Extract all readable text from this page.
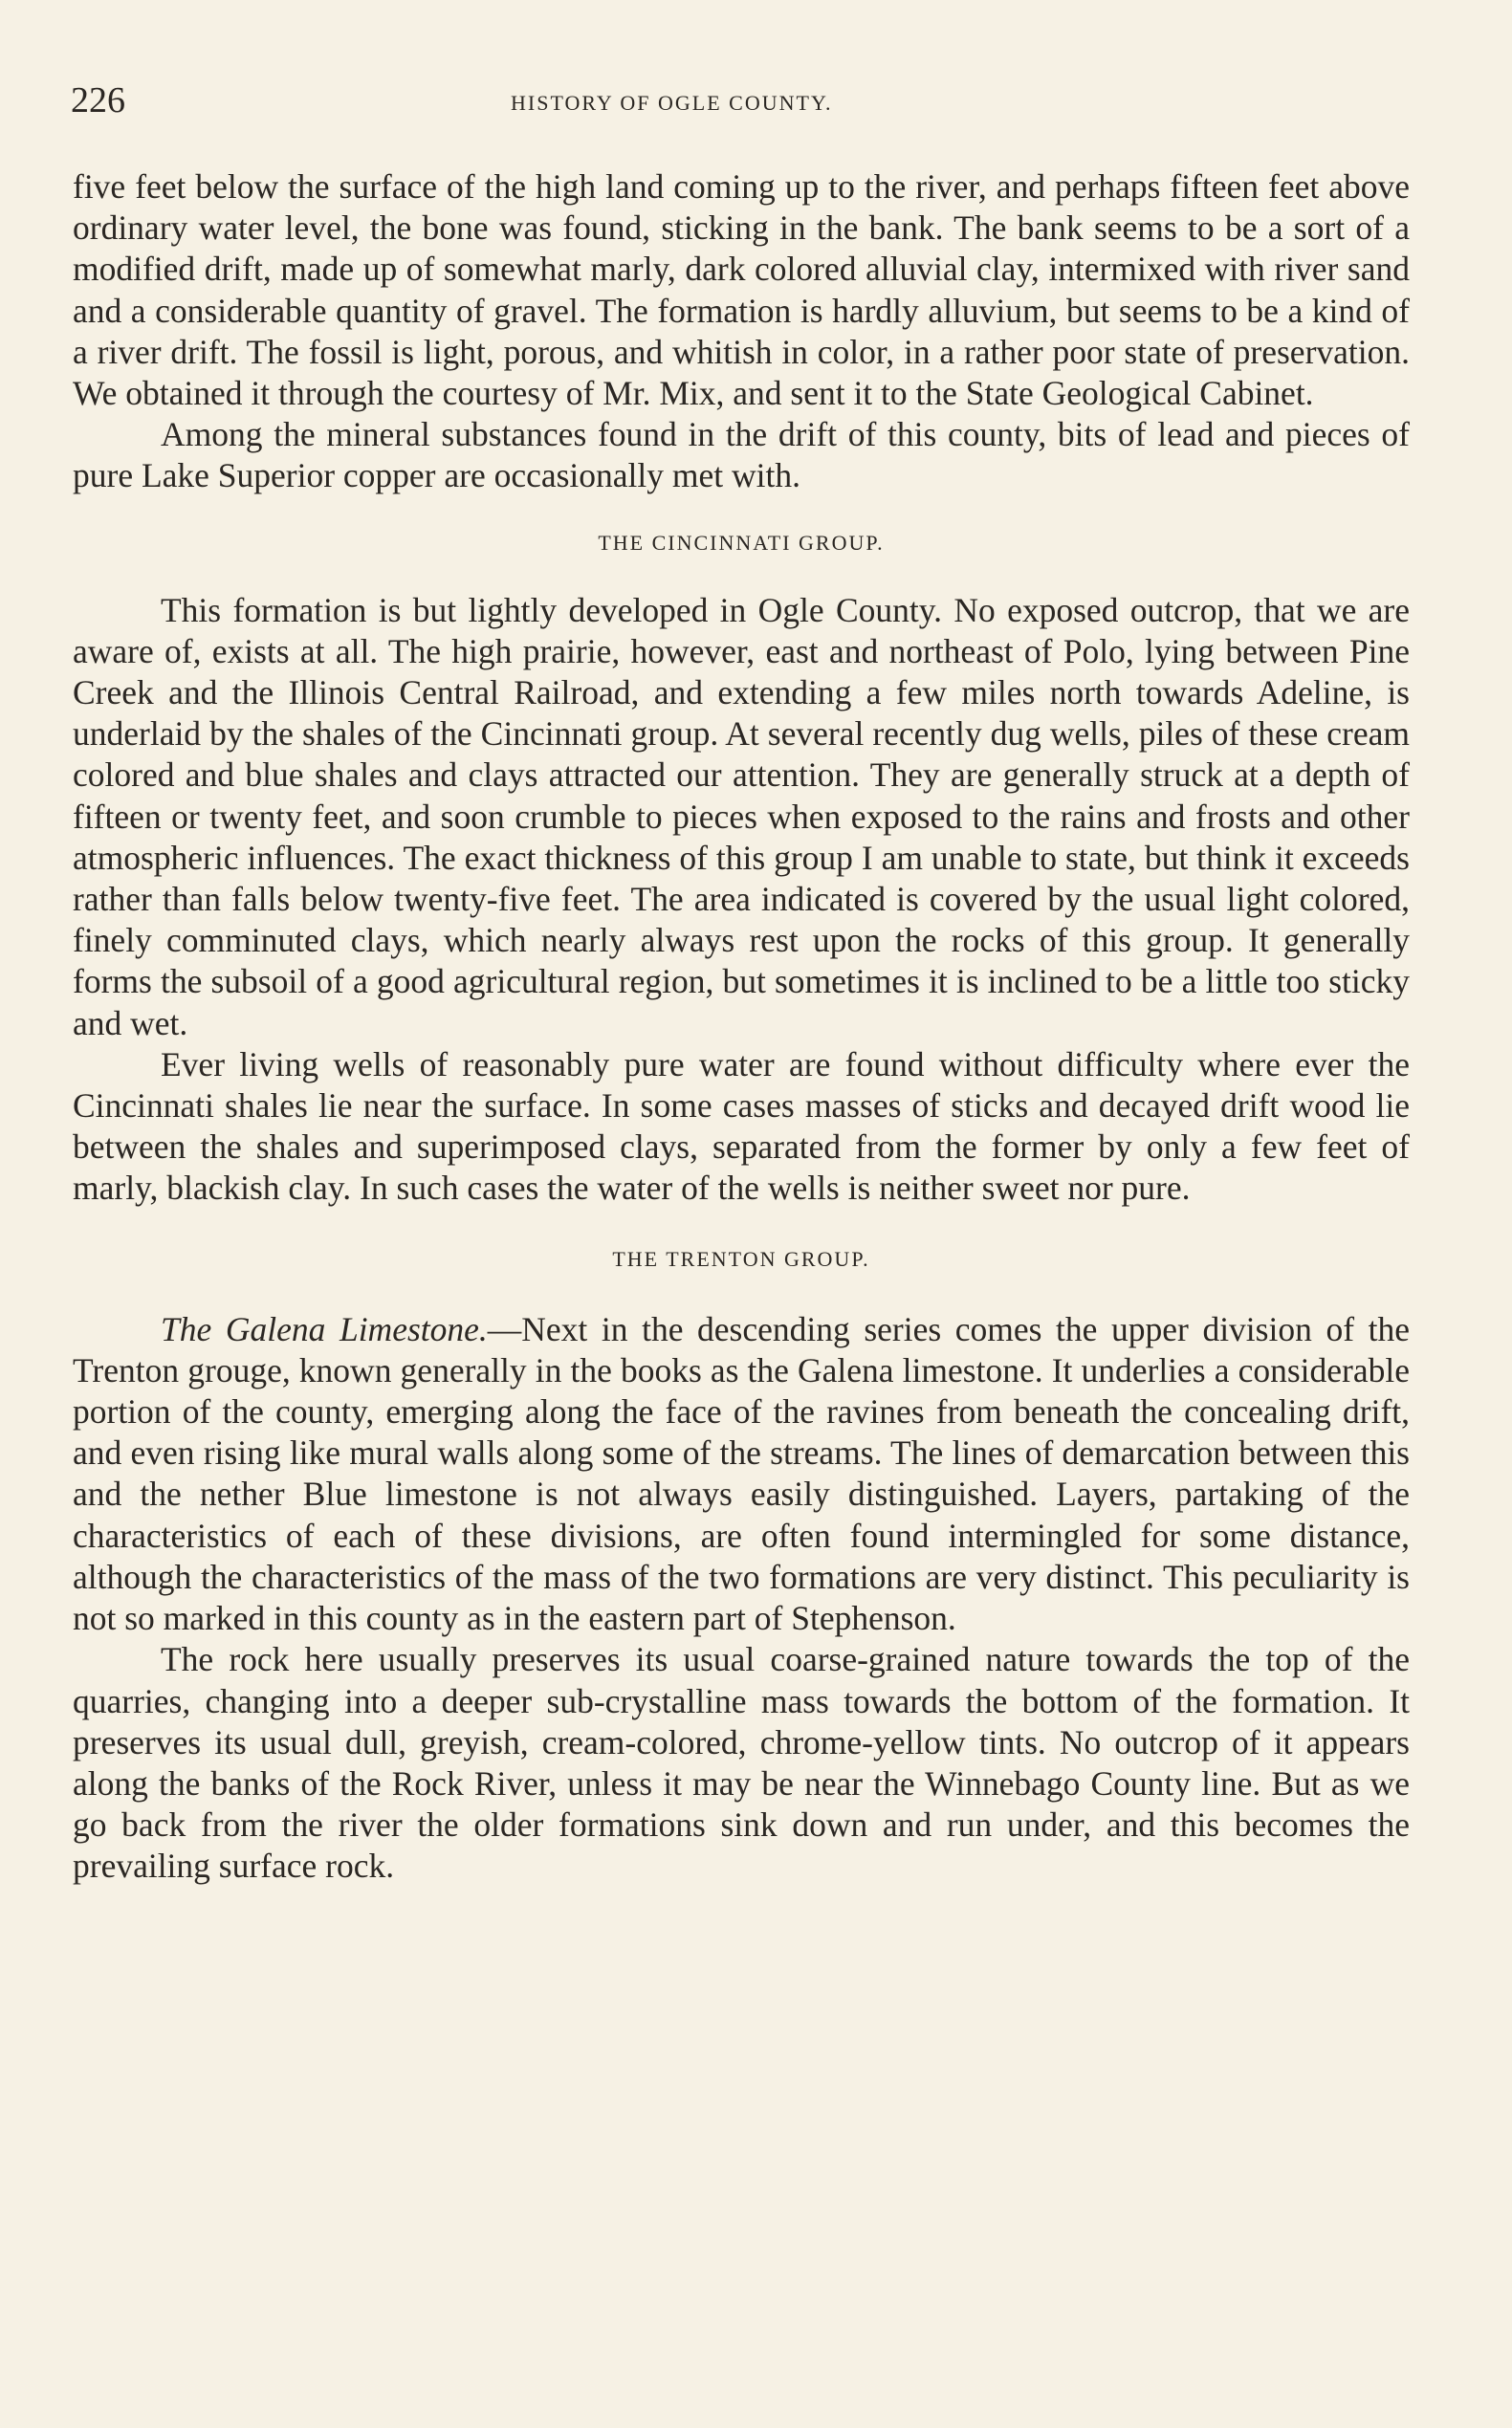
226	HISTORY OF OGLE COUNTY.

five feet below the surface of the high land coming up to the river, and perhaps fifteen feet above ordinary water level, the bone was found, sticking in the bank. The bank seems to be a sort of a modified drift, made up of somewhat marly, dark colored alluvial clay, intermixed with river sand and a considerable quantity of gravel. The formation is hardly alluvium, but seems to be a kind of a river drift. The fossil is light, porous, and whitish in color, in a rather poor state of preservation. We obtained it through the courtesy of Mr. Mix, and sent it to the State Geological Cabinet.

Among the mineral substances found in the drift of this county, bits of lead and pieces of pure Lake Superior copper are occasionally met with.

THE CINCINNATI GROUP.

This formation is but lightly developed in Ogle County. No exposed outcrop, that we are aware of, exists at all. The high prairie, however, east and northeast of Polo, lying between Pine Creek and the Illinois Central Railroad, and extending a few miles north towards Adeline, is underlaid by the shales of the Cincinnati group. At several recently dug wells, piles of these cream colored and blue shales and clays attracted our attention. They are generally struck at a depth of fifteen or twenty feet, and soon crumble to pieces when exposed to the rains and frosts and other atmospheric influences. The exact thickness of this group I am unable to state, but think it exceeds rather than falls below twenty-five feet. The area indicated is covered by the usual light colored, finely comminuted clays, which nearly always rest upon the rocks of this group. It generally forms the subsoil of a good agricultural region, but sometimes it is inclined to be a little too sticky and wet.

Ever living wells of reasonably pure water are found without difficulty where ever the Cincinnati shales lie near the surface. In some cases masses of sticks and decayed drift wood lie between the shales and superimposed clays, separated from the former by only a few feet of marly, blackish clay. In such cases the water of the wells is neither sweet nor pure.

THE TRENTON GROUP.

The Galena Limestone.—Next in the descending series comes the upper division of the Trenton grouge, known generally in the books as the Galena limestone. It underlies a considerable portion of the county, emerging along the face of the ravines from beneath the concealing drift, and even rising like mural walls along some of the streams. The lines of demarcation between this and the nether Blue limestone is not always easily distinguished. Layers, partaking of the characteristics of each of these divisions, are often found intermingled for some distance, although the characteristics of the mass of the two formations are very distinct. This peculiarity is not so marked in this county as in the eastern part of Stephenson.

The rock here usually preserves its usual coarse-grained nature towards the top of the quarries, changing into a deeper sub-crystalline mass towards the bottom of the formation. It preserves its usual dull, greyish, cream-colored, chrome-yellow tints. No outcrop of it appears along the banks of the Rock River, unless it may be near the Winnebago County line. But as we go back from the river the older formations sink down and run under, and this becomes the prevailing surface rock.
